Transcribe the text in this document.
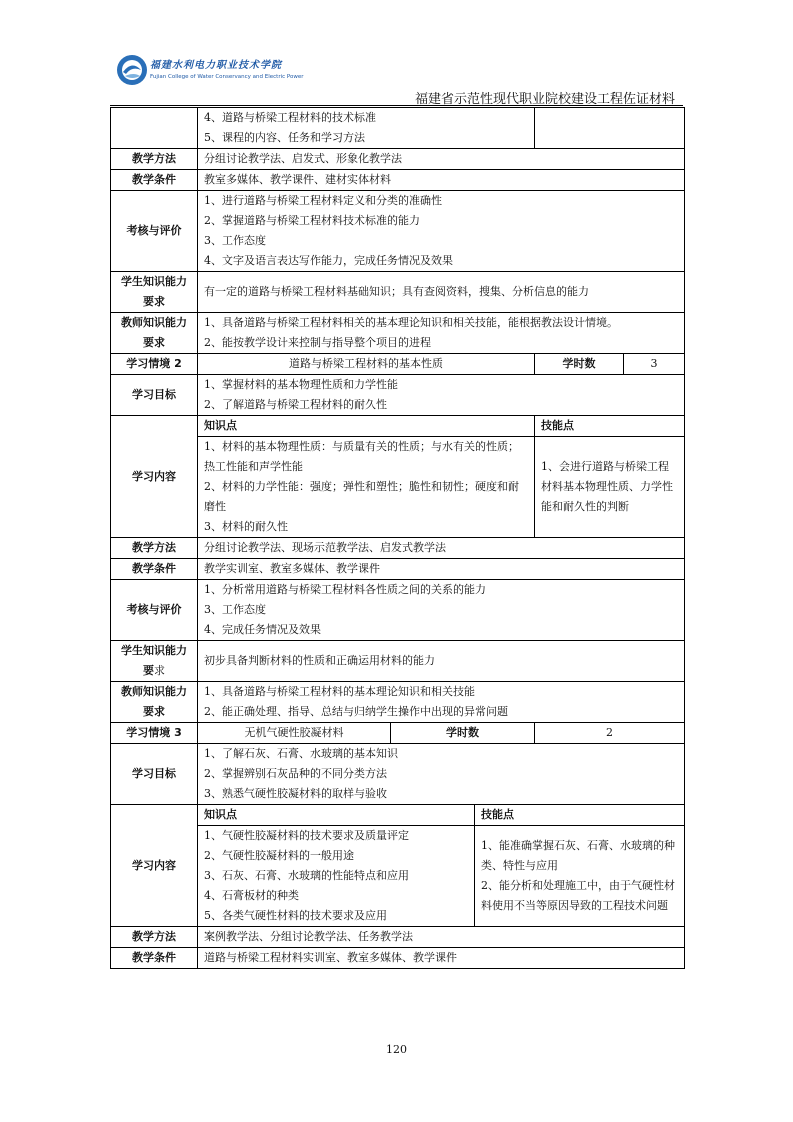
福建水利电力职业技术学院
Fujian College of Water Conservancy and Electric Power
福建省示范性现代职业院校建设工程佐证材料

	4、道路与桥梁工程材料的技术标准
5、课程的内容、任务和学习方法				

教学方法	分组讨论教学法、启发式、形象化教学法				
教学条件	教室多媒体、教学课件、建材实体材料				
考核与评价	1、进行道路与桥梁工程材料定义和分类的准确性
2、掌握道路与桥梁工程材料技术标准的能力
3、工作态度
4、文字及语言表达写作能力，完成任务情况及效果				

学生知识能力
要求	有一定的道路与桥梁工程材料基础知识；具有查阅资料，搜集、分析信息的能力				

教师知识能力
要求	1、具备道路与桥梁工程材料相关的基本理论知识和相关技能，能根据教法设计情境。
2、能按教学设计来控制与指导整个项目的进程				

学习情境 2	道路与桥梁工程材料的基本性质			学时数	3
学习目标	1、掌握材料的基本物理性质和力学性能
2、了解道路与桥梁工程材料的耐久性				

学习内容	知识点			技能点	

	1、材料的基本物理性质：与质量有关的性质；与水有关的性质；热工性能和声学性能
2、材料的力学性能：强度；弹性和塑性；脆性和韧性；硬度和耐磨性
3、材料的耐久性			1、会进行道路与桥梁工程材料基本物理性质、力学性能和耐久性的判断	

教学方法	分组讨论教学法、现场示范教学法、启发式教学法				
教学条件	教学实训室、教室多媒体、教学课件				
考核与评价	1、分析常用道路与桥梁工程材料各性质之间的关系的能力
3、工作态度
4、完成任务情况及效果				

学生知识能力
要求	初步具备判断材料的性质和正确运用材料的能力				

教师知识能力
要求	1、具备道路与桥梁工程材料的基本理论知识和相关技能
2、能正确处理、指导、总结与归纳学生操作中出现的异常问题				

学习情境 3	无机气硬性胶凝材料	学时数		2	
学习目标	1、了解石灰、石膏、水玻璃的基本知识
2、掌握辨别石灰品种的不同分类方法
3、熟悉气硬性胶凝材料的取样与验收				

学习内容	知识点		技能点		

	1、气硬性胶凝材料的技术要求及质量评定
2、气硬性胶凝材料的一般用途
3、石灰、石膏、水玻璃的性能特点和应用
4、石膏板材的种类
5、各类气硬性材料的技术要求及应用		1、能准确掌握石灰、石膏、水玻璃的种类、特性与应用
2、能分析和处理施工中，由于气硬性材料使用不当等原因导致的工程技术问题		

教学方法	案例教学法、分组讨论教学法、任务教学法				
教学条件	道路与桥梁工程材料实训室、教室多媒体、教学课件				
120
